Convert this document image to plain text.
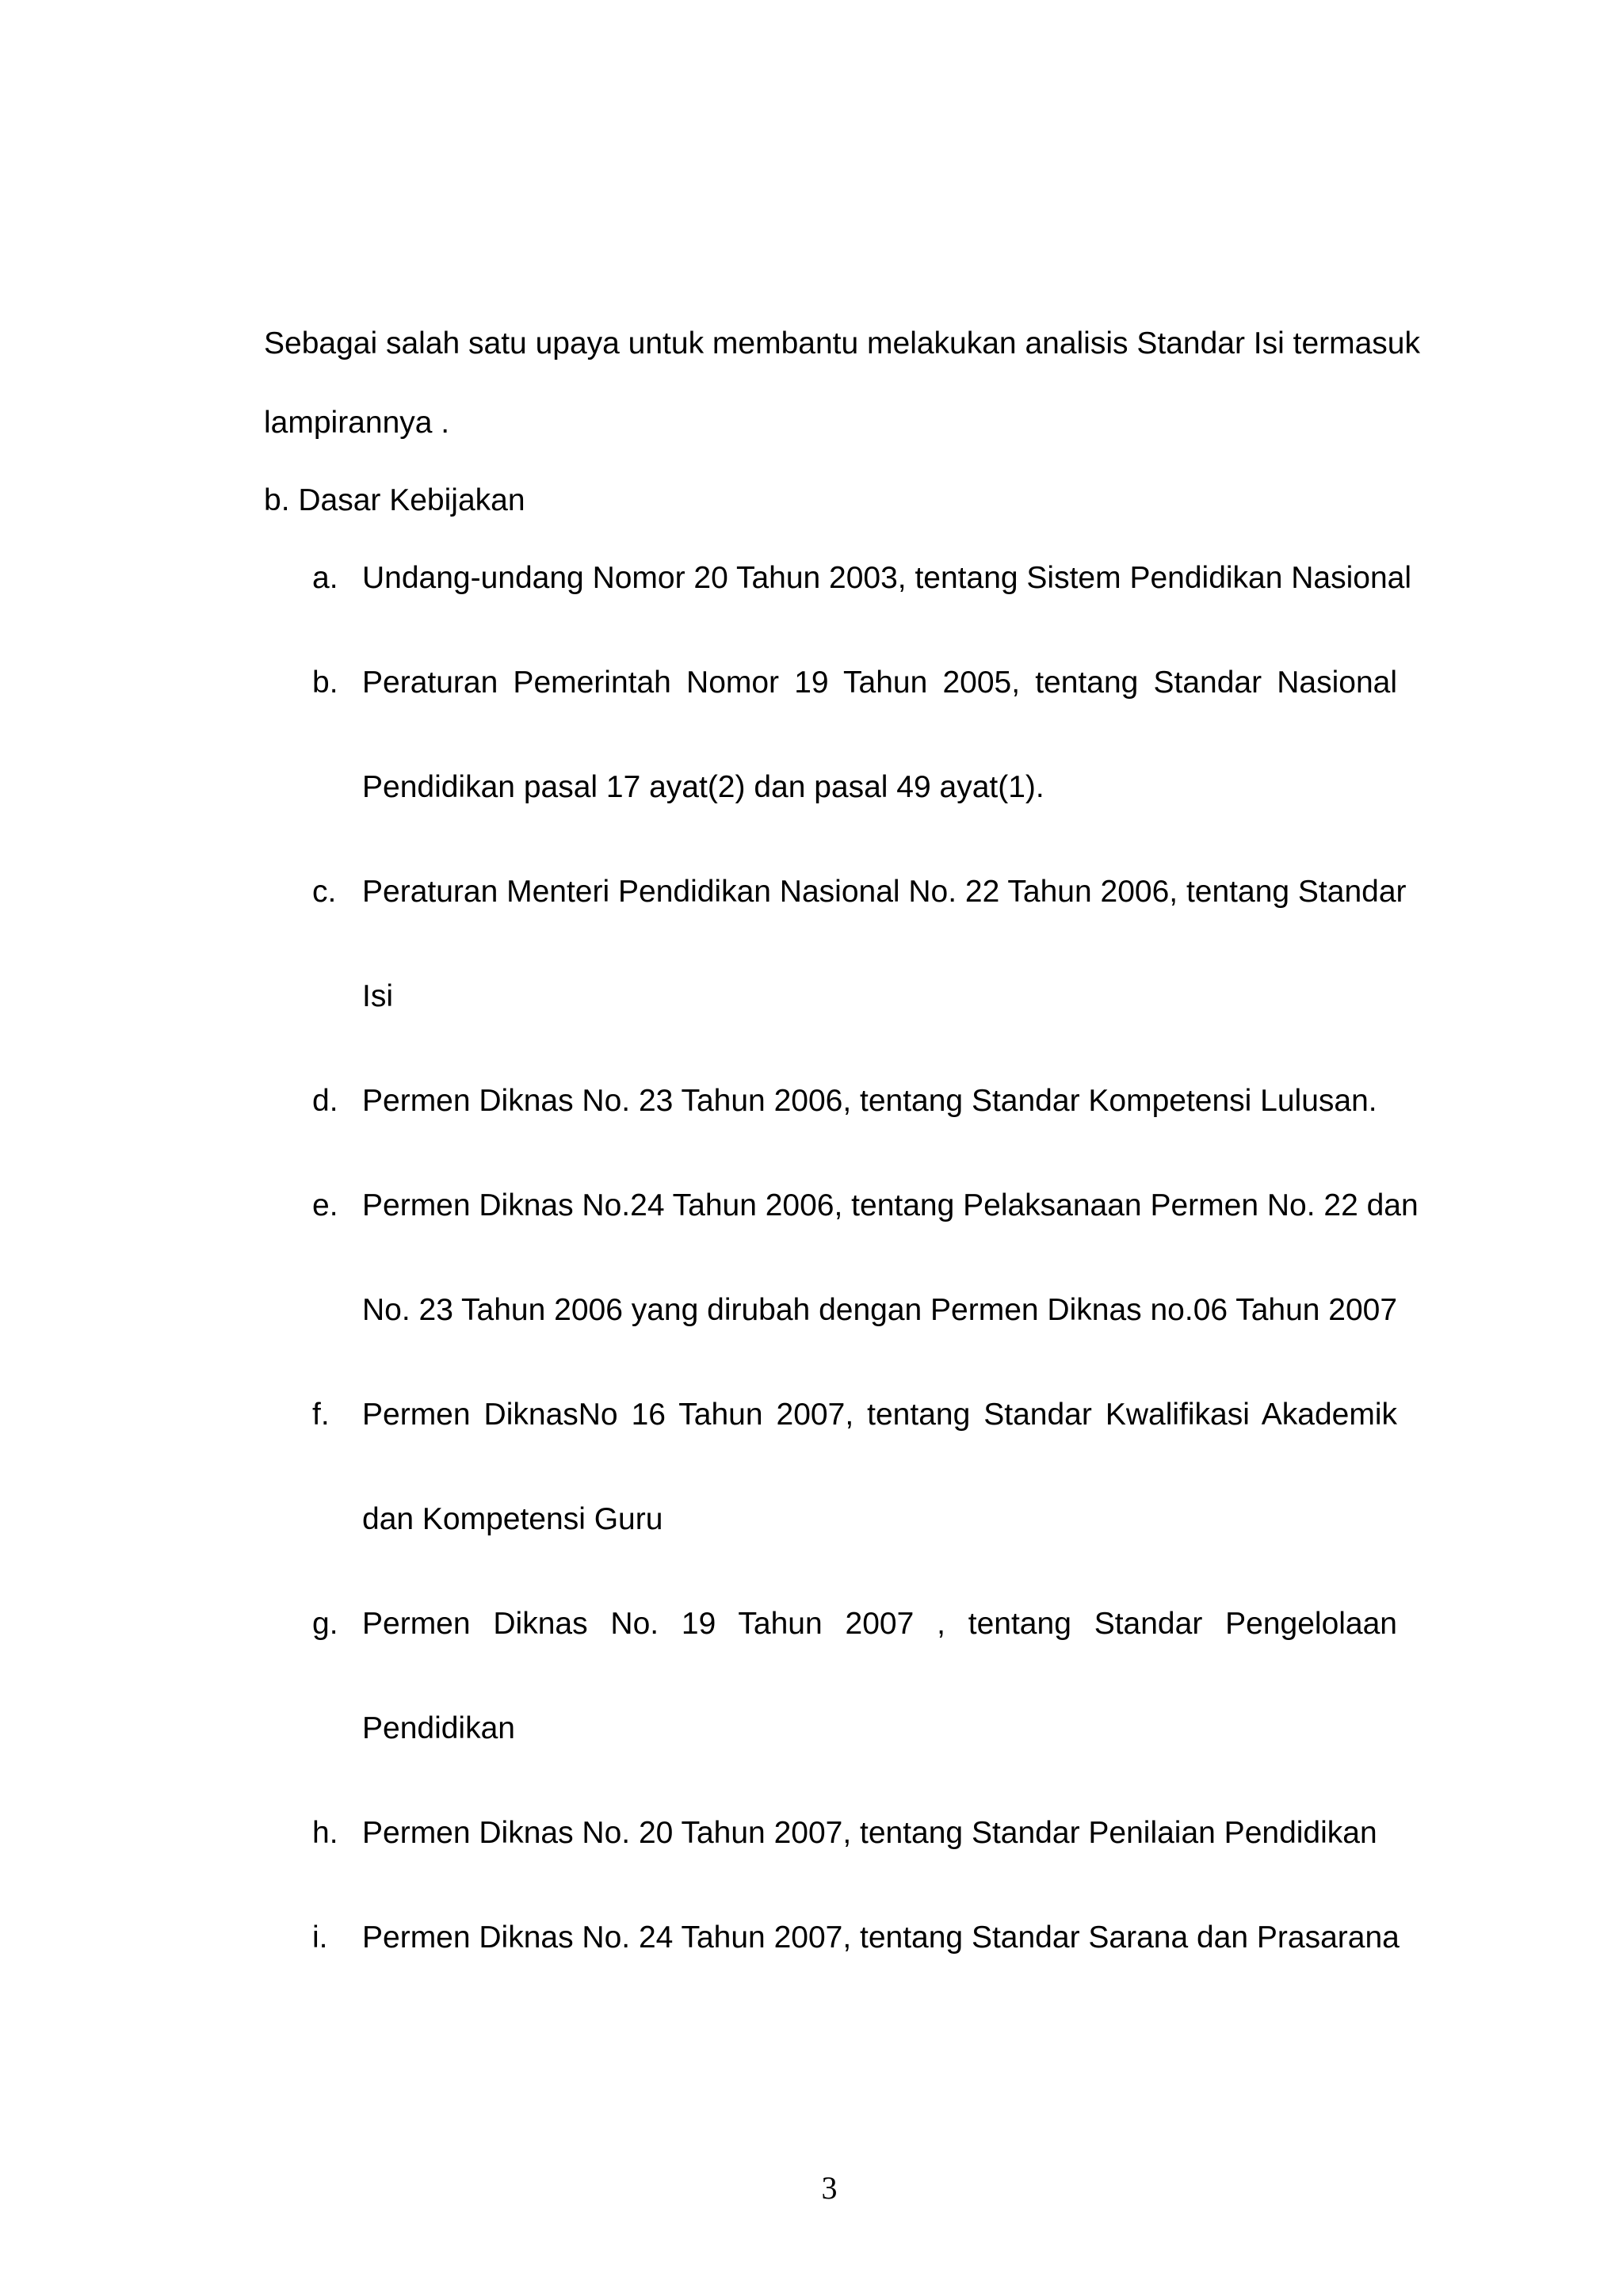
Sebagai salah satu upaya untuk membantu melakukan analisis Standar Isi termasuk

lampirannya .

b. Dasar Kebijakan

a. Undang-undang Nomor 20 Tahun 2003, tentang Sistem Pendidikan Nasional

b. Peraturan Pemerintah Nomor 19 Tahun 2005, tentang Standar Nasional

Pendidikan pasal 17 ayat(2) dan pasal 49 ayat(1).

c. Peraturan Menteri Pendidikan Nasional No. 22 Tahun 2006, tentang Standar

Isi

d. Permen Diknas No. 23 Tahun 2006, tentang Standar Kompetensi Lulusan.

e. Permen Diknas No.24 Tahun 2006, tentang Pelaksanaan Permen No. 22 dan

No. 23 Tahun 2006 yang dirubah dengan Permen Diknas no.06 Tahun 2007

f. Permen DiknasNo 16 Tahun 2007, tentang Standar Kwalifikasi Akademik

dan Kompetensi Guru

g. Permen Diknas No. 19 Tahun 2007 , tentang Standar Pengelolaan

Pendidikan

h. Permen Diknas No. 20 Tahun 2007, tentang Standar Penilaian Pendidikan

i. Permen Diknas No. 24 Tahun 2007, tentang Standar Sarana dan Prasarana

3
